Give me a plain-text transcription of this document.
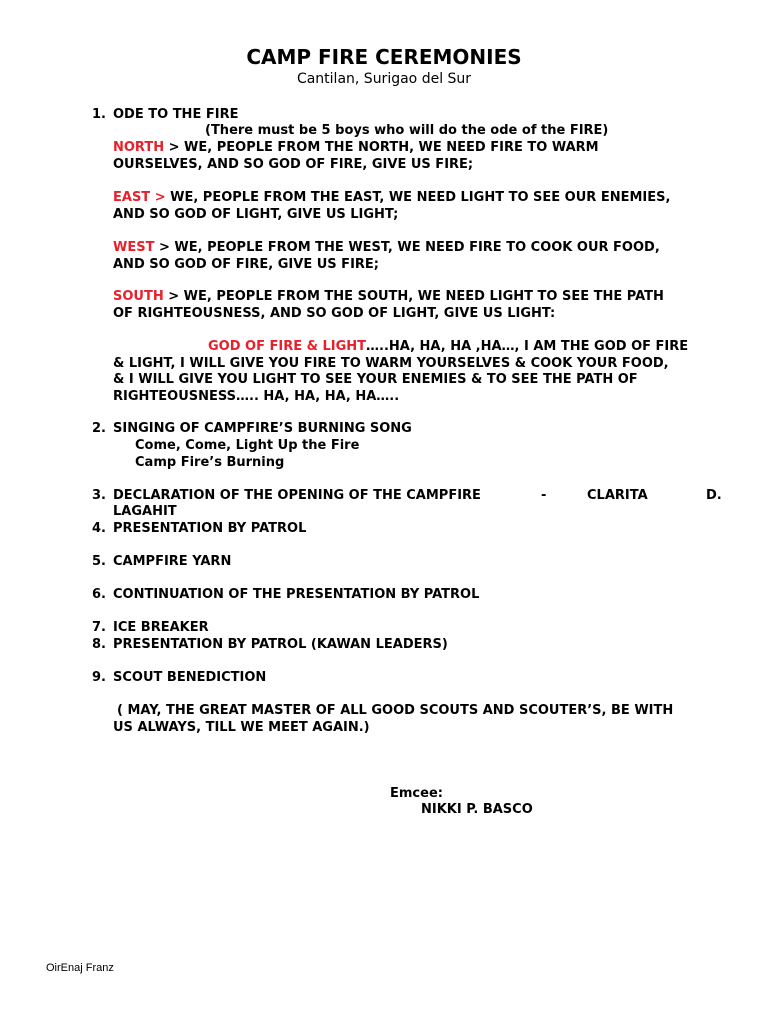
CAMP FIRE CEREMONIES
Cantilan, Surigao del Sur
1. ODE TO THE FIRE
(There must be 5 boys who will do the ode of the FIRE)
NORTH > WE, PEOPLE FROM THE NORTH, WE NEED FIRE TO WARM
OURSELVES, AND SO GOD OF FIRE, GIVE US FIRE;
EAST > WE, PEOPLE FROM THE EAST, WE NEED LIGHT TO SEE OUR ENEMIES,
AND SO GOD OF LIGHT, GIVE US LIGHT;
WEST > WE, PEOPLE FROM THE WEST, WE NEED FIRE TO COOK OUR FOOD,
AND SO GOD OF FIRE, GIVE US FIRE;
SOUTH > WE, PEOPLE FROM THE SOUTH, WE NEED LIGHT TO SEE THE PATH
OF RIGHTEOUSNESS, AND SO GOD OF LIGHT, GIVE US LIGHT:
GOD OF FIRE & LIGHT…..HA, HA, HA ,HA…, I AM THE GOD OF FIRE
& LIGHT, I WILL GIVE YOU FIRE TO WARM YOURSELVES & COOK YOUR FOOD,
& I WILL GIVE YOU LIGHT TO SEE YOUR ENEMIES & TO SEE THE PATH OF
RIGHTEOUSNESS….. HA, HA, HA, HA…..
2. SINGING OF CAMPFIRE’S BURNING SONG
Come, Come, Light Up the Fire
Camp Fire’s Burning
3. DECLARATION OF THE OPENING OF THE CAMPFIRE	-	CLARITA	D.
LAGAHIT
4. PRESENTATION BY PATROL
5. CAMPFIRE YARN
6. CONTINUATION OF THE PRESENTATION BY PATROL
7. ICE BREAKER
8. PRESENTATION BY PATROL (KAWAN LEADERS)
9. SCOUT BENEDICTION
( MAY, THE GREAT MASTER OF ALL GOOD SCOUTS AND SCOUTER’S, BE WITH
US ALWAYS, TILL WE MEET AGAIN.)
Emcee:
NIKKI P. BASCO
OirEnaj Franz
